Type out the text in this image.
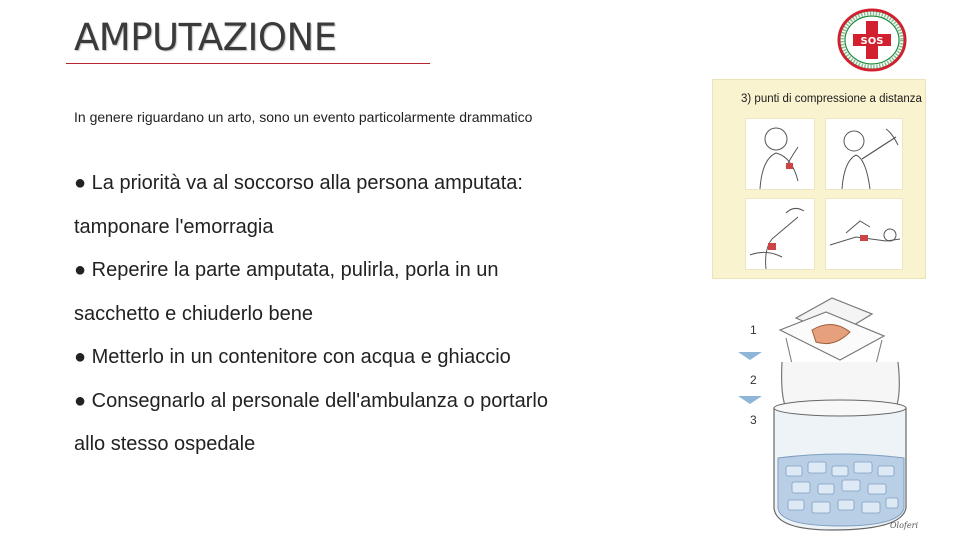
AMPUTAZIONE
In genere riguardano un arto, sono un evento particolarmente drammatico
● La priorità va al soccorso alla persona amputata:
tamponare l'emorragia
● Reperire la parte amputata, pulirla, porla in un
sacchetto e chiuderlo bene
● Metterlo in un contenitore con acqua e ghiaccio
● Consegnarlo al personale dell'ambulanza o portarlo
allo stesso ospedale
SOS
3) punti di compressione a distanza
1
2
3
Oloferi
